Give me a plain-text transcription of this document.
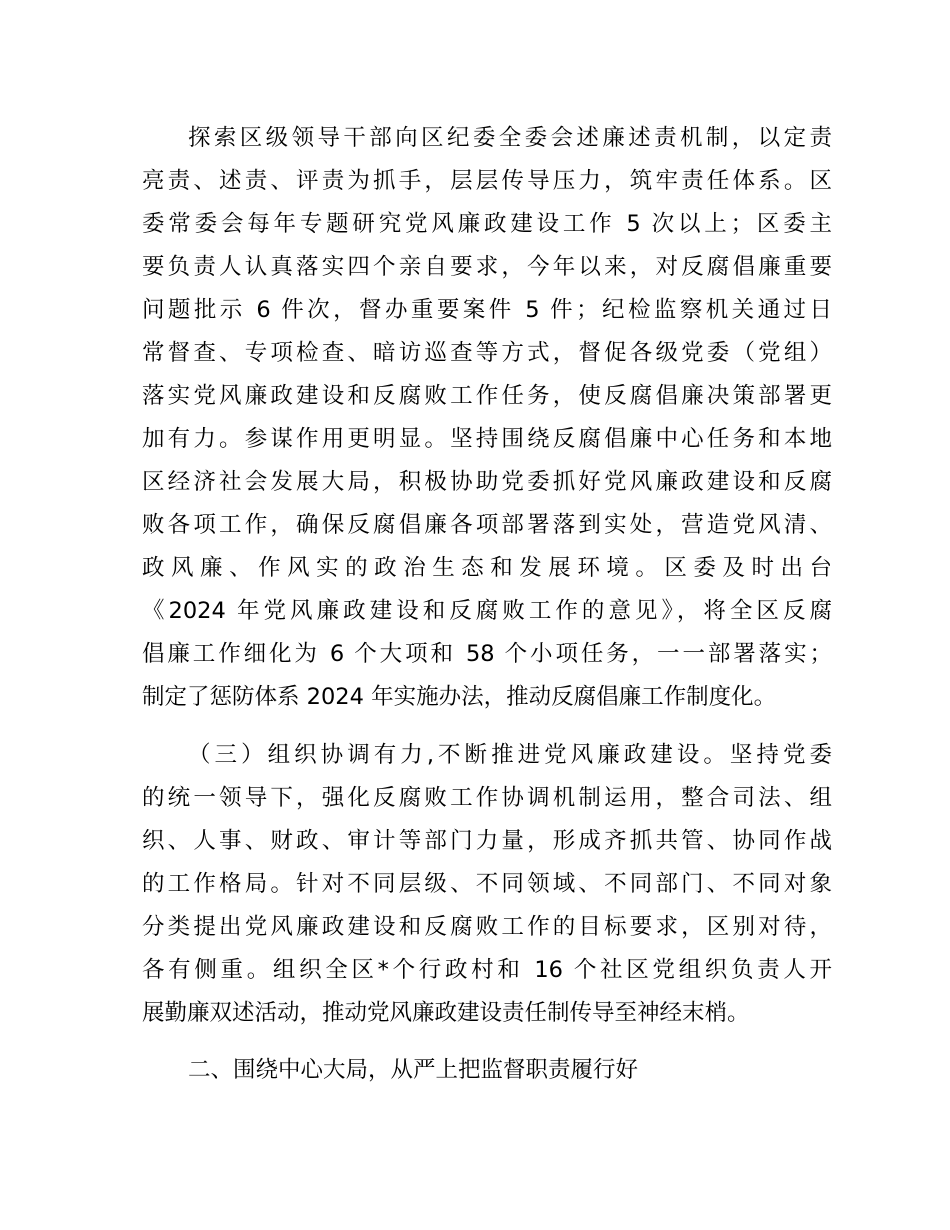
探索区级领导干部向区纪委全委会述廉述责机制，以定责
亮责、述责、评责为抓手，层层传导压力，筑牢责任体系。区
委常委会每年专题研究党风廉政建设工作 5 次以上；区委主
要负责人认真落实四个亲自要求，今年以来，对反腐倡廉重要
问题批示 6 件次，督办重要案件 5 件；纪检监察机关通过日
常督查、专项检查、暗访巡查等方式，督促各级党委（党组）
落实党风廉政建设和反腐败工作任务，使反腐倡廉决策部署更
加有力。参谋作用更明显。坚持围绕反腐倡廉中心任务和本地
区经济社会发展大局，积极协助党委抓好党风廉政建设和反腐
败各项工作，确保反腐倡廉各项部署落到实处，营造党风清、
政风廉、作风实的政治生态和发展环境。区委及时出台
《2024 年党风廉政建设和反腐败工作的意见》，将全区反腐
倡廉工作细化为 6 个大项和 58 个小项任务，一一部署落实；
制定了惩防体系 2024 年实施办法，推动反腐倡廉工作制度化。
（三）组织协调有力,不断推进党风廉政建设。坚持党委
的统一领导下，强化反腐败工作协调机制运用，整合司法、组
织、人事、财政、审计等部门力量，形成齐抓共管、协同作战
的工作格局。针对不同层级、不同领域、不同部门、不同对象
分类提出党风廉政建设和反腐败工作的目标要求，区别对待，
各有侧重。组织全区*个行政村和 16 个社区党组织负责人开
展勤廉双述活动，推动党风廉政建设责任制传导至神经末梢。
二、围绕中心大局，从严上把监督职责履行好
